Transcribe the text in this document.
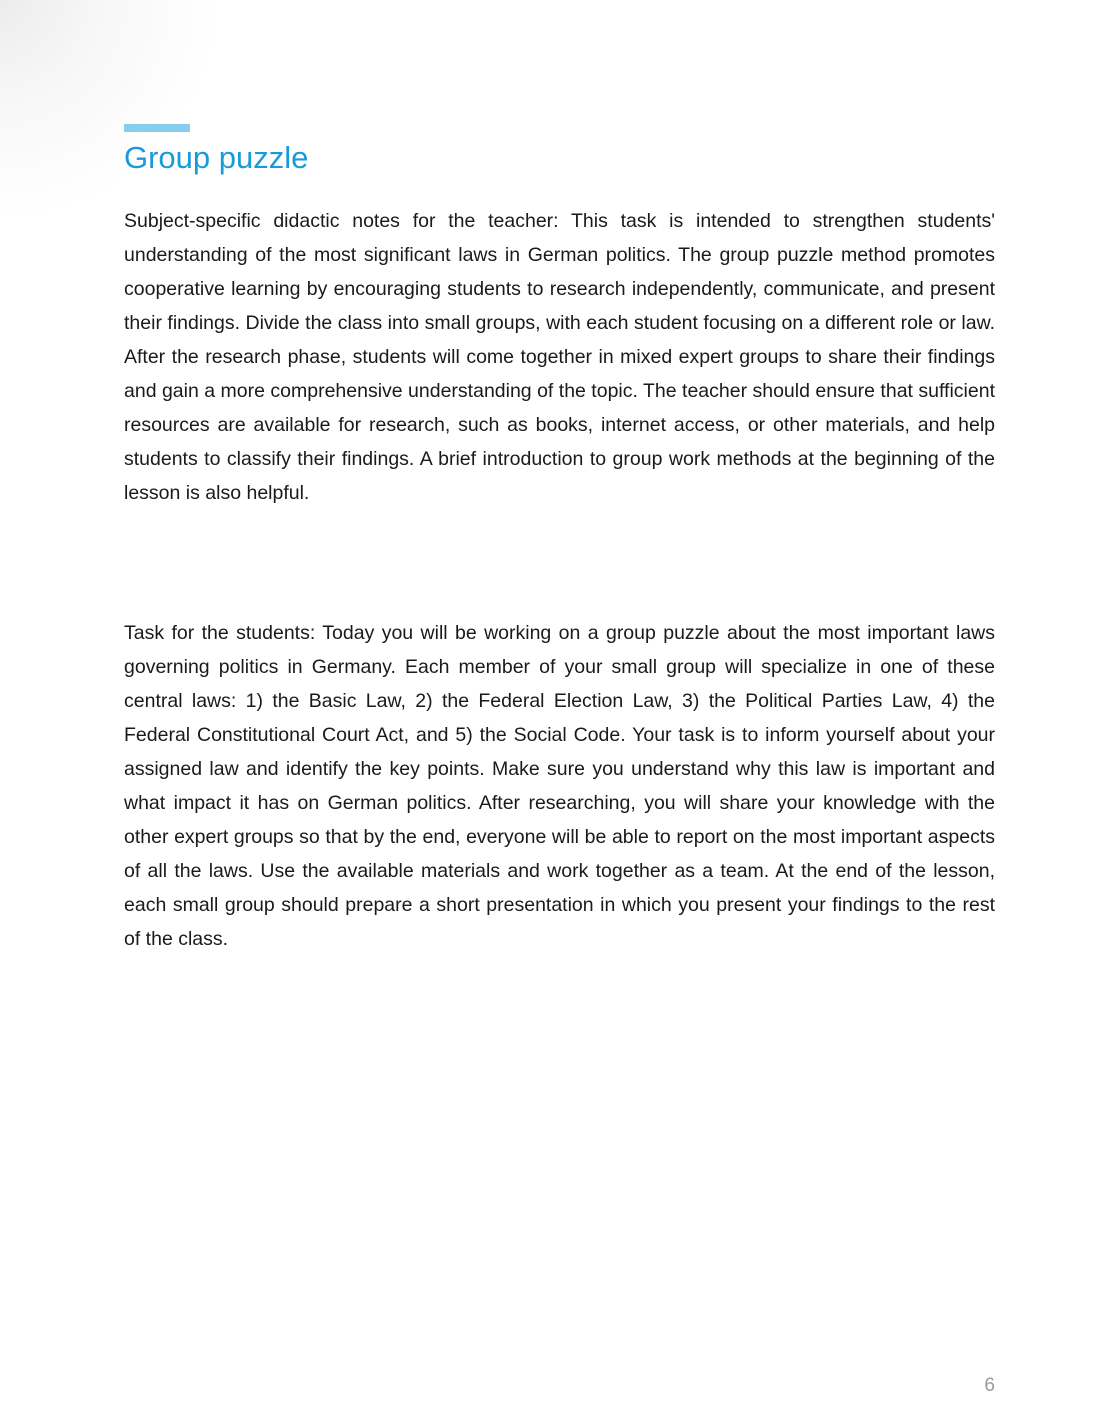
Group puzzle

Subject-specific didactic notes for the teacher: This task is intended to strengthen students' understanding of the most significant laws in German politics. The group puzzle method promotes cooperative learning by encouraging students to research independently, communicate, and present their findings. Divide the class into small groups, with each student focusing on a different role or law. After the research phase, students will come together in mixed expert groups to share their findings and gain a more comprehensive understanding of the topic. The teacher should ensure that sufficient resources are available for research, such as books, internet access, or other materials, and help students to classify their findings. A brief introduction to group work methods at the beginning of the lesson is also helpful.

Task for the students: Today you will be working on a group puzzle about the most important laws governing politics in Germany. Each member of your small group will specialize in one of these central laws: 1) the Basic Law, 2) the Federal Election Law, 3) the Political Parties Law, 4) the Federal Constitutional Court Act, and 5) the Social Code. Your task is to inform yourself about your assigned law and identify the key points. Make sure you understand why this law is important and what impact it has on German politics. After researching, you will share your knowledge with the other expert groups so that by the end, everyone will be able to report on the most important aspects of all the laws. Use the available materials and work together as a team. At the end of the lesson, each small group should prepare a short presentation in which you present your findings to the rest of the class.

6
